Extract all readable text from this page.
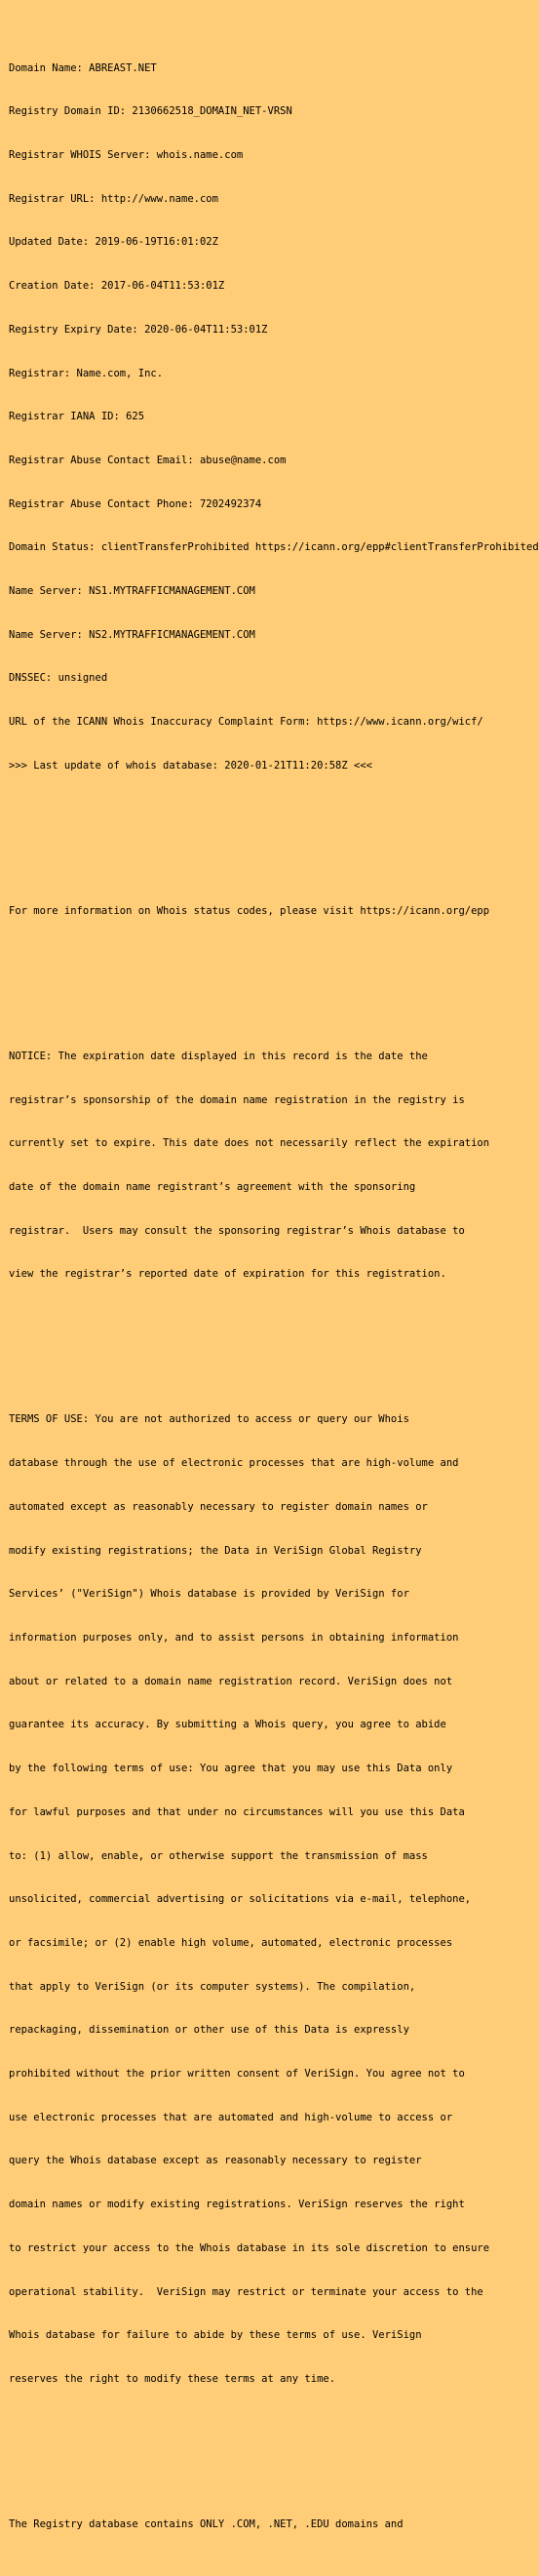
Domain Name: ABREAST.NET

Registry Domain ID: 2130662518_DOMAIN_NET-VRSN

Registrar WHOIS Server: whois.name.com

Registrar URL: http://www.name.com

Updated Date: 2019-06-19T16:01:02Z

Creation Date: 2017-06-04T11:53:01Z

Registry Expiry Date: 2020-06-04T11:53:01Z

Registrar: Name.com, Inc.

Registrar IANA ID: 625

Registrar Abuse Contact Email: abuse@name.com

Registrar Abuse Contact Phone: 7202492374

Domain Status: clientTransferProhibited https://icann.org/epp#clientTransferProhibited

Name Server: NS1.MYTRAFFICMANAGEMENT.COM

Name Server: NS2.MYTRAFFICMANAGEMENT.COM

DNSSEC: unsigned

URL of the ICANN Whois Inaccuracy Complaint Form: https://www.icann.org/wicf/

>>> Last update of whois database: 2020-01-21T11:20:58Z <<<

For more information on Whois status codes, please visit https://icann.org/epp

NOTICE: The expiration date displayed in this record is the date the

registrar’s sponsorship of the domain name registration in the registry is

currently set to expire. This date does not necessarily reflect the expiration

date of the domain name registrant’s agreement with the sponsoring

registrar.  Users may consult the sponsoring registrar’s Whois database to

view the registrar’s reported date of expiration for this registration.

TERMS OF USE: You are not authorized to access or query our Whois

database through the use of electronic processes that are high-volume and

automated except as reasonably necessary to register domain names or

modify existing registrations; the Data in VeriSign Global Registry

Services’ ("VeriSign") Whois database is provided by VeriSign for

information purposes only, and to assist persons in obtaining information

about or related to a domain name registration record. VeriSign does not

guarantee its accuracy. By submitting a Whois query, you agree to abide

by the following terms of use: You agree that you may use this Data only

for lawful purposes and that under no circumstances will you use this Data

to: (1) allow, enable, or otherwise support the transmission of mass

unsolicited, commercial advertising or solicitations via e-mail, telephone,

or facsimile; or (2) enable high volume, automated, electronic processes

that apply to VeriSign (or its computer systems). The compilation,

repackaging, dissemination or other use of this Data is expressly

prohibited without the prior written consent of VeriSign. You agree not to

use electronic processes that are automated and high-volume to access or

query the Whois database except as reasonably necessary to register

domain names or modify existing registrations. VeriSign reserves the right

to restrict your access to the Whois database in its sole discretion to ensure

operational stability.  VeriSign may restrict or terminate your access to the

Whois database for failure to abide by these terms of use. VeriSign

reserves the right to modify these terms at any time.

The Registry database contains ONLY .COM, .NET, .EDU domains and
